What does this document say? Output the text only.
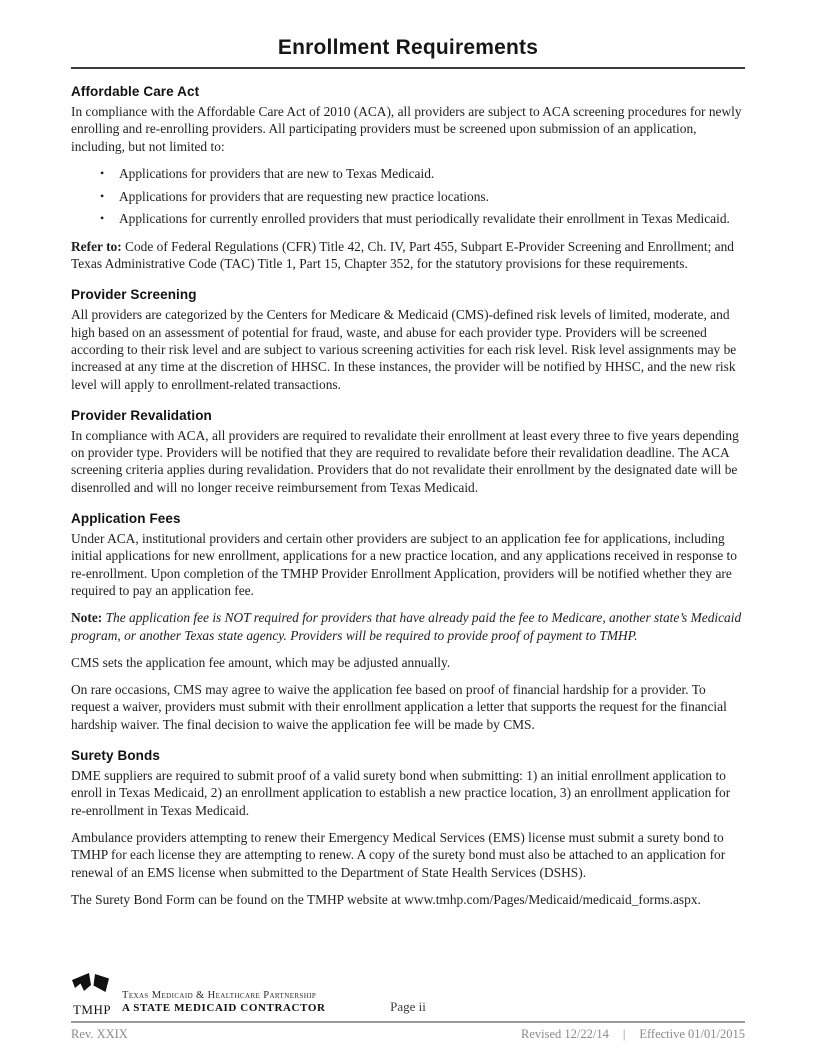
Enrollment Requirements
Affordable Care Act

In compliance with the Affordable Care Act of 2010 (ACA), all providers are subject to ACA screening procedures for newly enrolling and re-enrolling providers. All participating providers must be screened upon submission of an application, including, but not limited to:

• Applications for providers that are new to Texas Medicaid.
• Applications for providers that are requesting new practice locations.
• Applications for currently enrolled providers that must periodically revalidate their enrollment in Texas Medicaid.

Refer to: Code of Federal Regulations (CFR) Title 42, Ch. IV, Part 455, Subpart E-Provider Screening and Enrollment; and Texas Administrative Code (TAC) Title 1, Part 15, Chapter 352, for the statutory provisions for these requirements.

Provider Screening

All providers are categorized by the Centers for Medicare & Medicaid (CMS)-defined risk levels of limited, moderate, and high based on an assessment of potential for fraud, waste, and abuse for each provider type. Providers will be screened according to their risk level and are subject to various screening activities for each risk level. Risk level assignments may be increased at any time at the discretion of HHSC. In these instances, the provider will be notified by HHSC, and the new risk level will apply to enrollment-related transactions.

Provider Revalidation

In compliance with ACA, all providers are required to revalidate their enrollment at least every three to five years depending on provider type. Providers will be notified that they are required to revalidate before their revalidation deadline. The ACA screening criteria applies during revalidation. Providers that do not revalidate their enrollment by the designated date will be disenrolled and will no longer receive reimbursement from Texas Medicaid.

Application Fees

Under ACA, institutional providers and certain other providers are subject to an application fee for applications, including initial applications for new enrollment, applications for a new practice location, and any applications received in response to re-enrollment. Upon completion of the TMHP Provider Enrollment Application, providers will be notified whether they are required to pay an application fee.

Note: The application fee is NOT required for providers that have already paid the fee to Medicare, another state’s Medicaid program, or another Texas state agency. Providers will be required to provide proof of payment to TMHP.

CMS sets the application fee amount, which may be adjusted annually.

On rare occasions, CMS may agree to waive the application fee based on proof of financial hardship for a provider. To request a waiver, providers must submit with their enrollment application a letter that supports the request for the financial hardship waiver. The final decision to waive the application fee will be made by CMS.

Surety Bonds

DME suppliers are required to submit proof of a valid surety bond when submitting: 1) an initial enrollment application to enroll in Texas Medicaid, 2) an enrollment application to establish a new practice location, 3) an enrollment application for re-enrollment in Texas Medicaid.

Ambulance providers attempting to renew their Emergency Medical Services (EMS) license must submit a surety bond to TMHP for each license they are attempting to renew. A copy of the surety bond must also be attached to an application for renewal of an EMS license when submitted to the Department of State Health Services (DSHS).

The Surety Bond Form can be found on the TMHP website at www.tmhp.com/Pages/Medicaid/medicaid_forms.aspx.

TMHP
Texas Medicaid & Healthcare Partnership
A STATE MEDICAID CONTRACTOR	Page ii
Rev. XXIX	Revised 12/22/14 | Effective 01/01/2015
